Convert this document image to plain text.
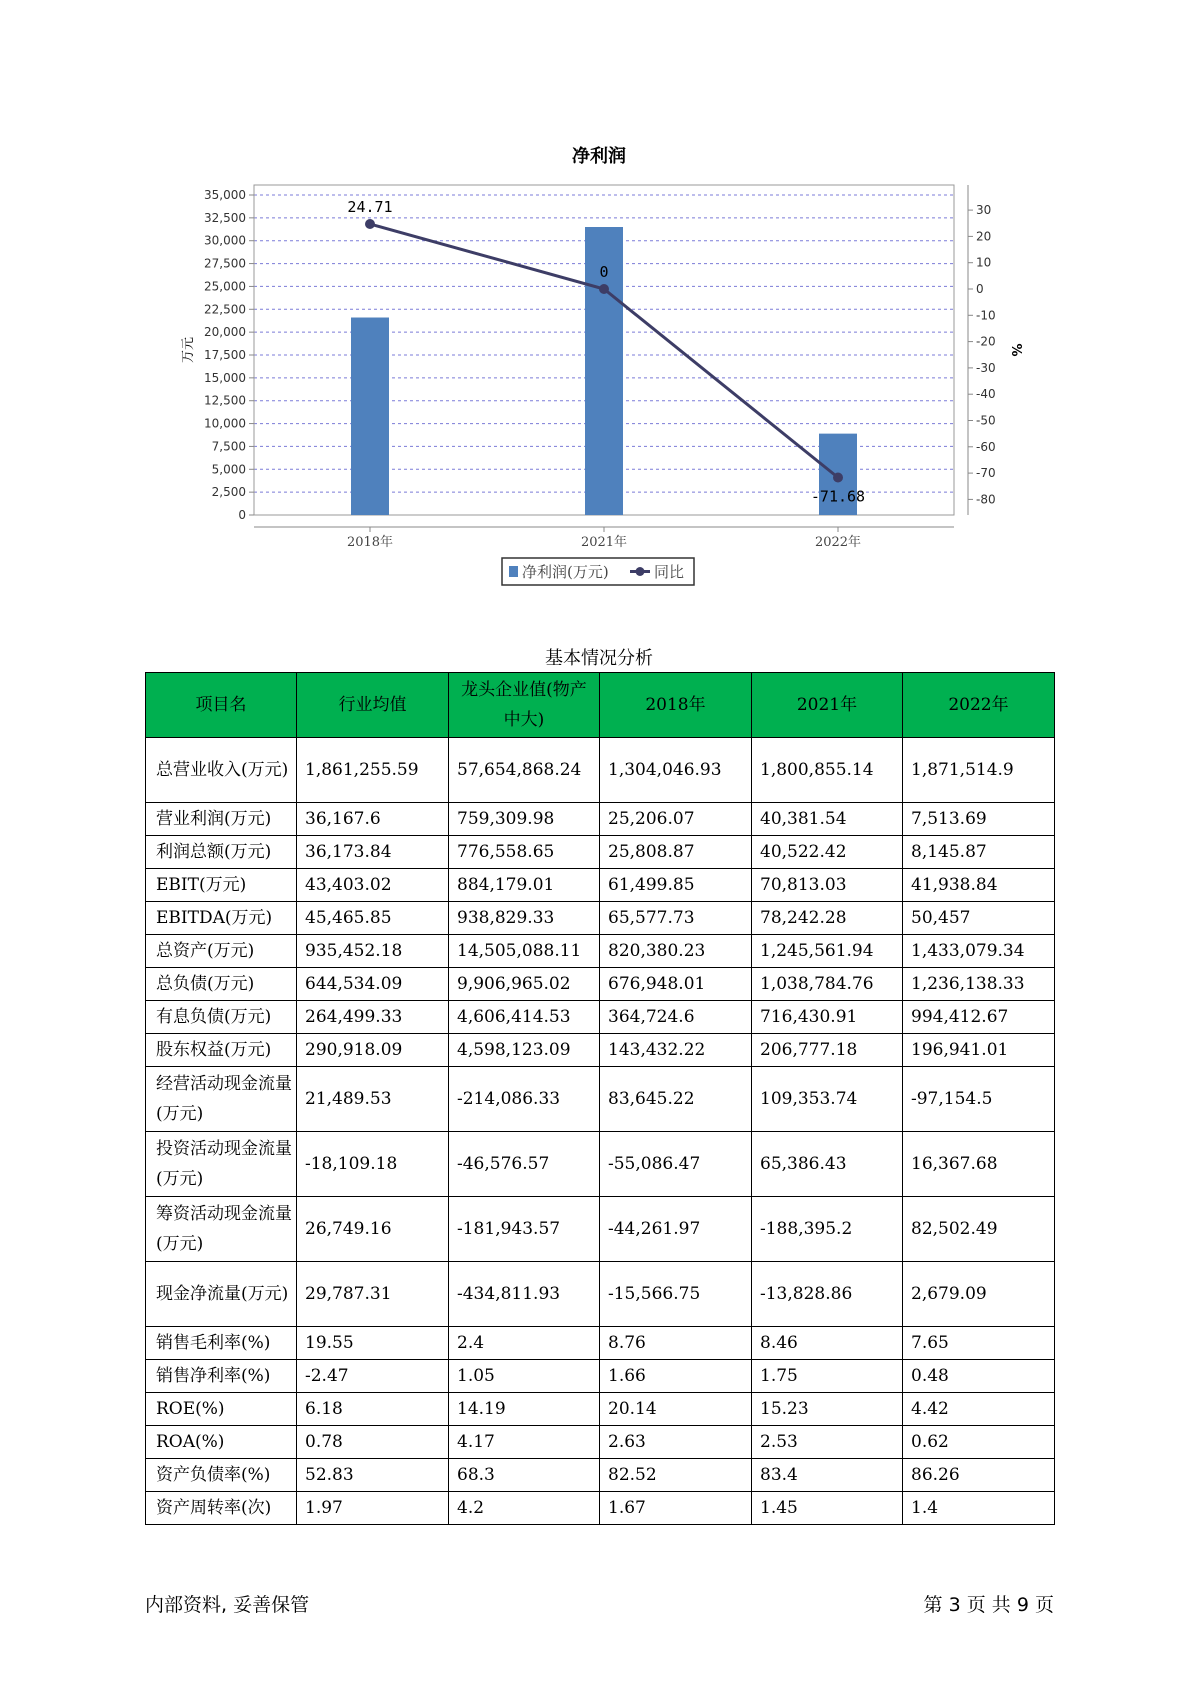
净利润
35,000
32,500
30,000
27,500
25,000
22,500
20,000
17,500
15,000
12,500
10,000
7,500
5,000
2,500
0
30
20
10
0
-10
-20
-30
-40
-50
-60
-70
-80
2018年	2021年	2022年
24.71
0
-71.68
万元	%
净利润(万元)	同比
基本情况分析
项目名	行业均值	龙头企业值(物产中大)	2018年	2021年	2022年
总营业收入(万元)	1,861,255.59	57,654,868.24	1,304,046.93	1,800,855.14	1,871,514.9
营业利润(万元)	36,167.6	759,309.98	25,206.07	40,381.54	7,513.69
利润总额(万元)	36,173.84	776,558.65	25,808.87	40,522.42	8,145.87
EBIT(万元)	43,403.02	884,179.01	61,499.85	70,813.03	41,938.84
EBITDA(万元)	45,465.85	938,829.33	65,577.73	78,242.28	50,457
总资产(万元)	935,452.18	14,505,088.11	820,380.23	1,245,561.94	1,433,079.34
总负债(万元)	644,534.09	9,906,965.02	676,948.01	1,038,784.76	1,236,138.33
有息负债(万元)	264,499.33	4,606,414.53	364,724.6	716,430.91	994,412.67
股东权益(万元)	290,918.09	4,598,123.09	143,432.22	206,777.18	196,941.01
经营活动现金流量(万元)	21,489.53	-214,086.33	83,645.22	109,353.74	-97,154.5
投资活动现金流量(万元)	-18,109.18	-46,576.57	-55,086.47	65,386.43	16,367.68
筹资活动现金流量(万元)	26,749.16	-181,943.57	-44,261.97	-188,395.2	82,502.49
现金净流量(万元)	29,787.31	-434,811.93	-15,566.75	-13,828.86	2,679.09
销售毛利率(%)	19.55	2.4	8.76	8.46	7.65
销售净利率(%)	-2.47	1.05	1.66	1.75	0.48
ROE(%)	6.18	14.19	20.14	15.23	4.42
ROA(%)	0.78	4.17	2.63	2.53	0.62
资产负债率(%)	52.83	68.3	82.52	83.4	86.26
资产周转率(次)	1.97	4.2	1.67	1.45	1.4
内部资料, 妥善保管	第 3 页 共 9 页
